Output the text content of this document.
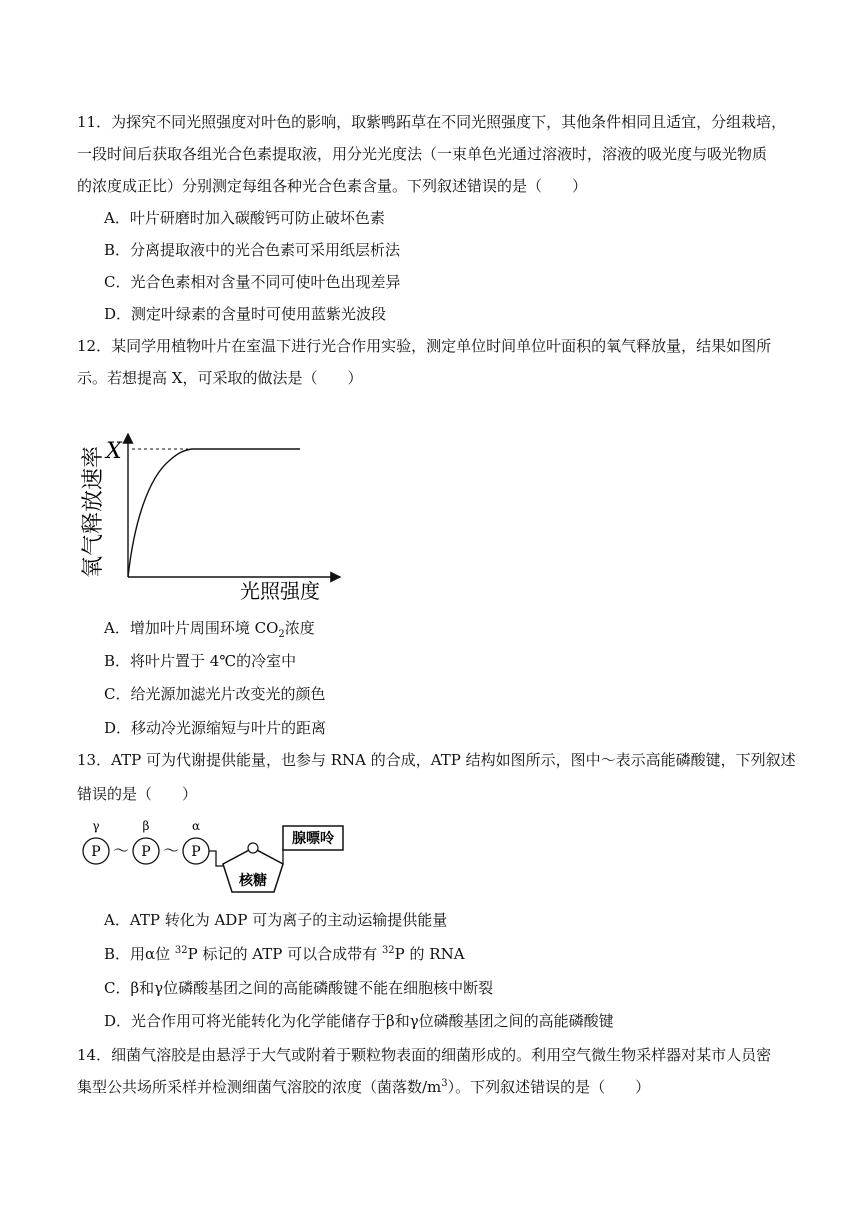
11．为探究不同光照强度对叶色的影响，取紫鸭跖草在不同光照强度下，其他条件相同且适宜，分组栽培，
一段时间后获取各组光合色素提取液，用分光光度法（一束单色光通过溶液时，溶液的吸光度与吸光物质
的浓度成正比）分别测定每组各种光合色素含量。下列叙述错误的是（　　）
A．叶片研磨时加入碳酸钙可防止破坏色素
B．分离提取液中的光合色素可采用纸层析法
C．光合色素相对含量不同可使叶色出现差异
D．测定叶绿素的含量时可使用蓝紫光波段
12．某同学用植物叶片在室温下进行光合作用实验，测定单位时间单位叶面积的氧气释放量，结果如图所
示。若想提高 X，可采取的做法是（　　）
X
氧气释放速率
光照强度
A．增加叶片周围环境 $CO_2$浓度
B．将叶片置于 4℃的冷室中
C．给光源加滤光片改变光的颜色
D．移动冷光源缩短与叶片的距离
13．ATP 可为代谢提供能量，也参与 RNA 的合成，ATP 结构如图所示，图中～表示高能磷酸键，下列叙述
错误的是（　　）
γ	β	α
P ～ P ～ P
核糖
腺嘌呤
A．ATP 转化为 ADP 可为离子的主动运输提供能量
B．用α位 $^{32}$P 标记的 ATP 可以合成带有 $^{32}$P 的 RNA
C．β和γ位磷酸基团之间的高能磷酸键不能在细胞核中断裂
D．光合作用可将光能转化为化学能储存于β和γ位磷酸基团之间的高能磷酸键
14．细菌气溶胶是由悬浮于大气或附着于颗粒物表面的细菌形成的。利用空气微生物采样器对某市人员密
集型公共场所采样并检测细菌气溶胶的浓度（菌落数$/m^3$）。下列叙述错误的是（　　）
